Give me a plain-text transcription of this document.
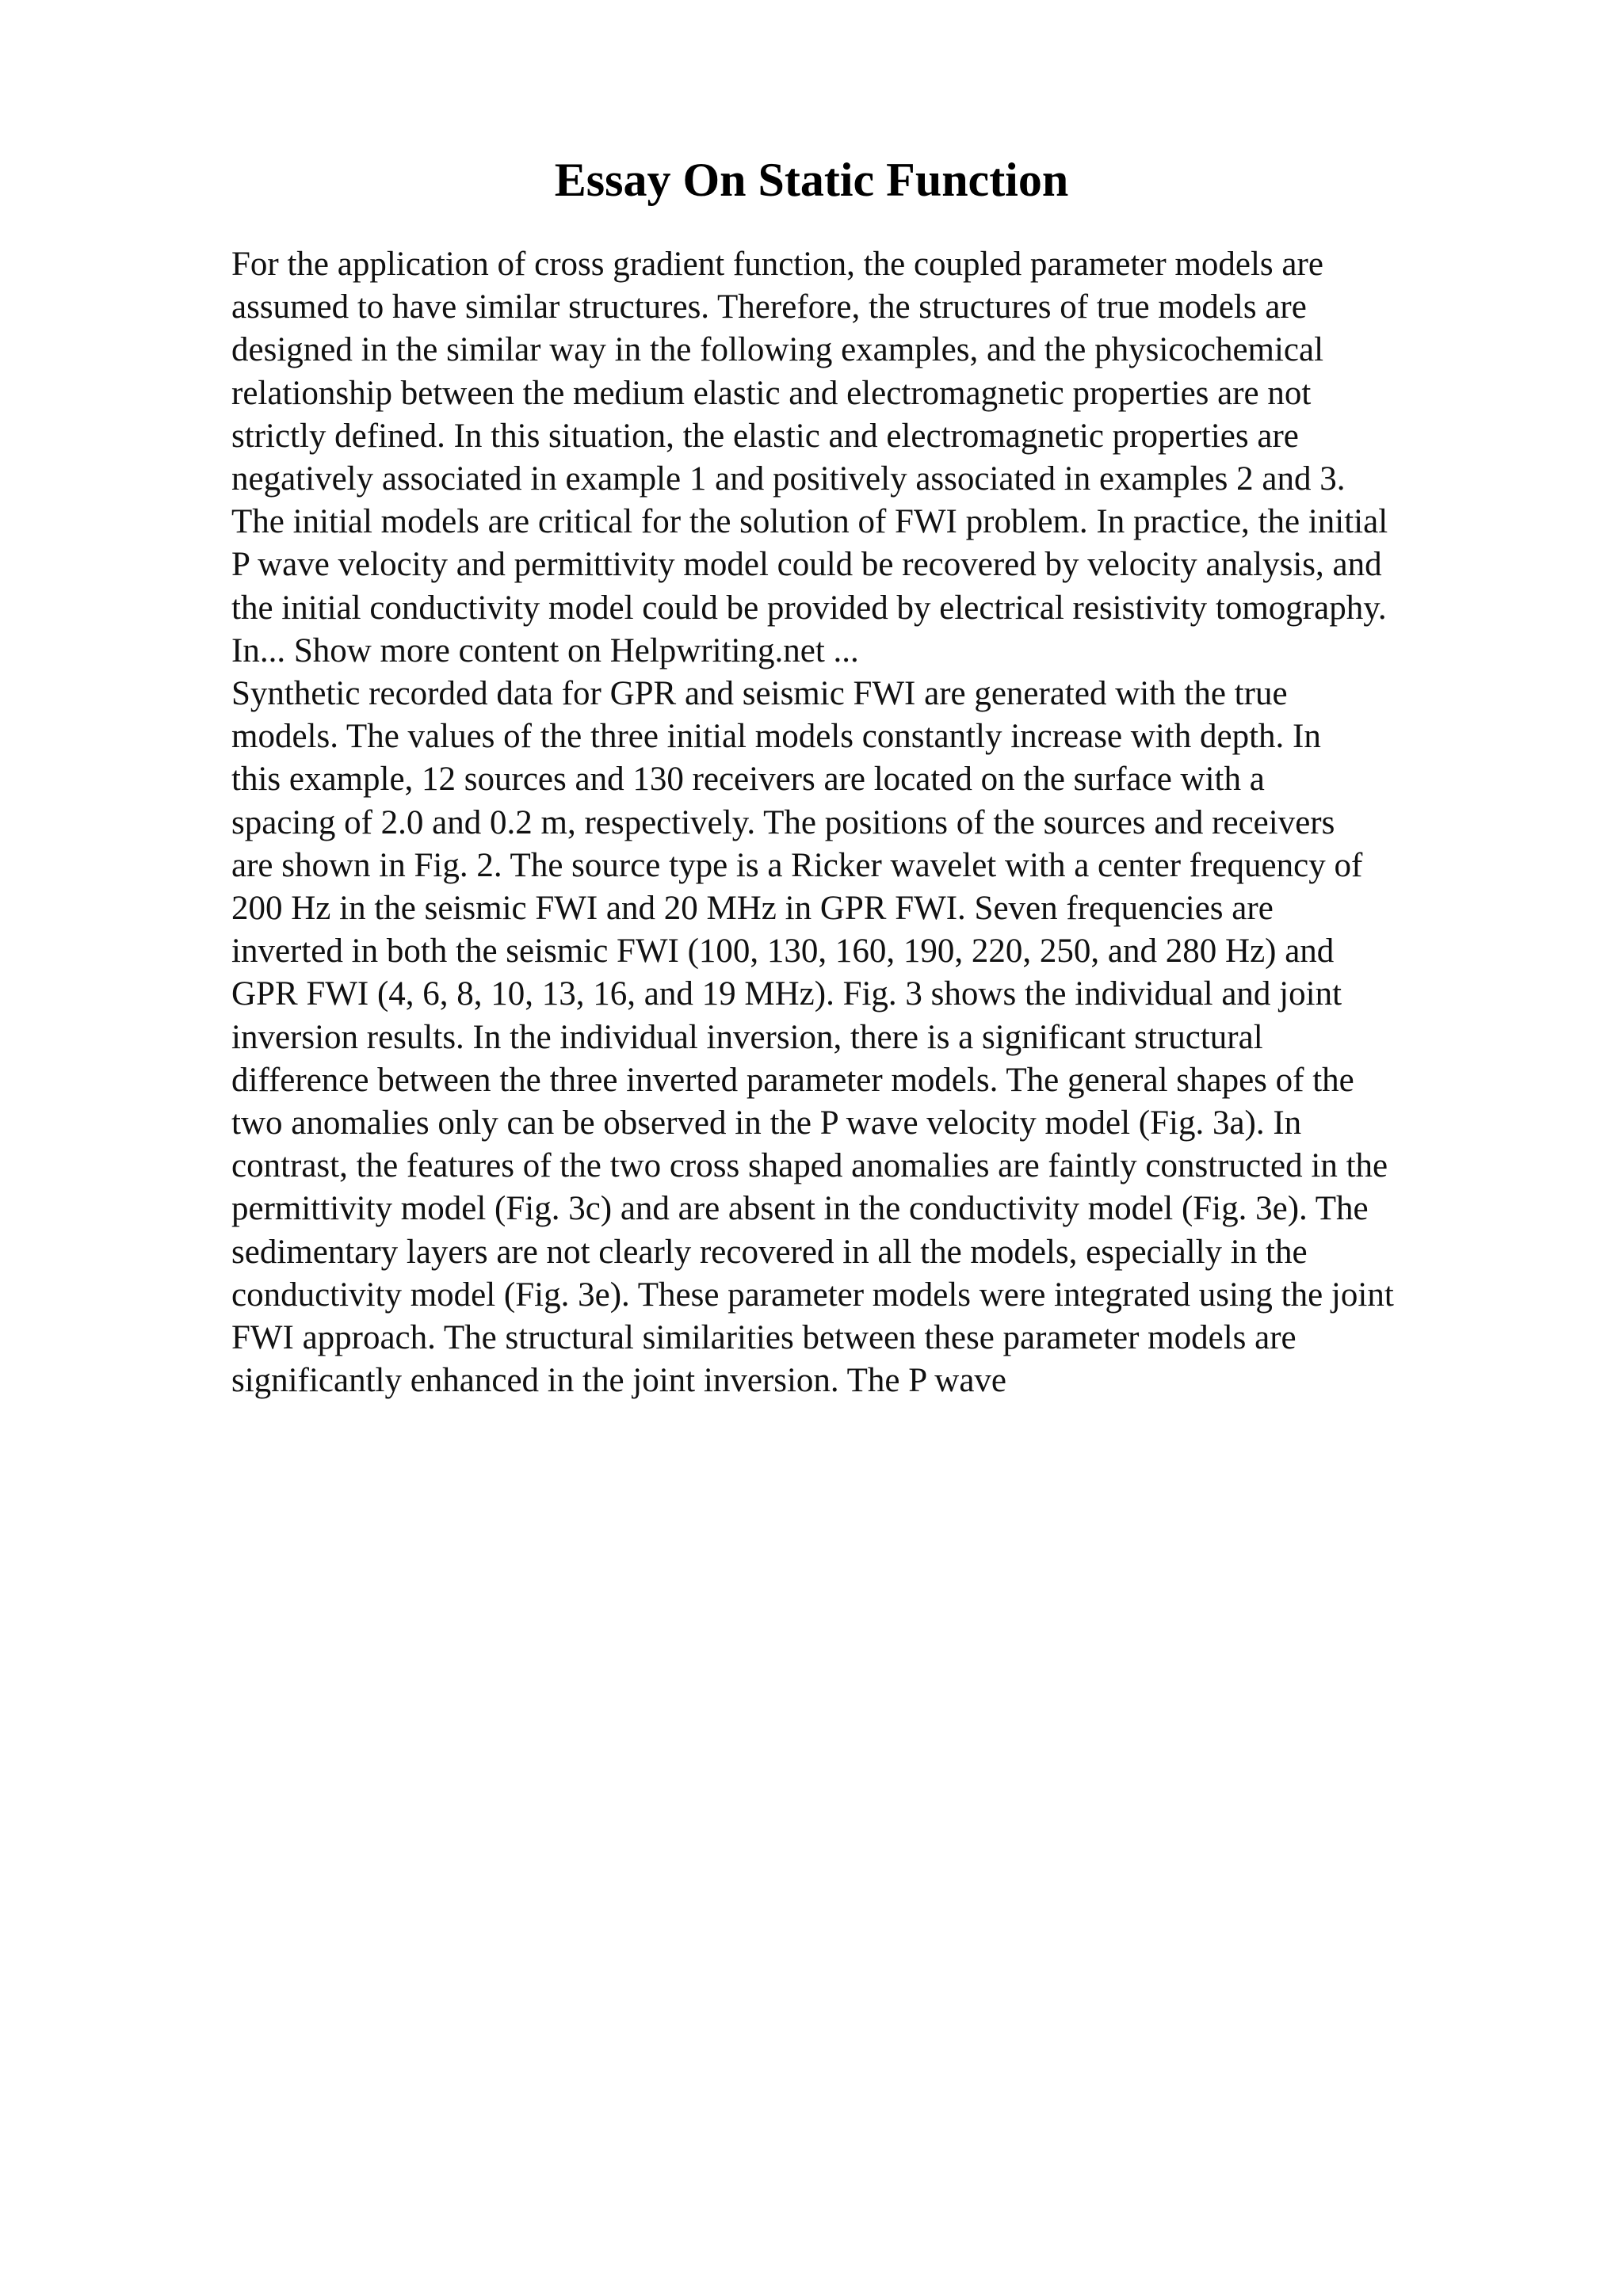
Essay On Static Function
For the application of cross gradient function, the coupled parameter models are
assumed to have similar structures. Therefore, the structures of true models are
designed in the similar way in the following examples, and the physicochemical
relationship between the medium elastic and electromagnetic properties are not
strictly defined. In this situation, the elastic and electromagnetic properties are
negatively associated in example 1 and positively associated in examples 2 and 3.
The initial models are critical for the solution of FWI problem. In practice, the initial
P wave velocity and permittivity model could be recovered by velocity analysis, and
the initial conductivity model could be provided by electrical resistivity tomography.
In... Show more content on Helpwriting.net ...
Synthetic recorded data for GPR and seismic FWI are generated with the true
models. The values of the three initial models constantly increase with depth. In
this example, 12 sources and 130 receivers are located on the surface with a
spacing of 2.0 and 0.2 m, respectively. The positions of the sources and receivers
are shown in Fig. 2. The source type is a Ricker wavelet with a center frequency of
200 Hz in the seismic FWI and 20 MHz in GPR FWI. Seven frequencies are
inverted in both the seismic FWI (100, 130, 160, 190, 220, 250, and 280 Hz) and
GPR FWI (4, 6, 8, 10, 13, 16, and 19 MHz). Fig. 3 shows the individual and joint
inversion results. In the individual inversion, there is a significant structural
difference between the three inverted parameter models. The general shapes of the
two anomalies only can be observed in the P wave velocity model (Fig. 3a). In
contrast, the features of the two cross shaped anomalies are faintly constructed in the
permittivity model (Fig. 3c) and are absent in the conductivity model (Fig. 3e). The
sedimentary layers are not clearly recovered in all the models, especially in the
conductivity model (Fig. 3e). These parameter models were integrated using the joint
FWI approach. The structural similarities between these parameter models are
significantly enhanced in the joint inversion. The P wave
